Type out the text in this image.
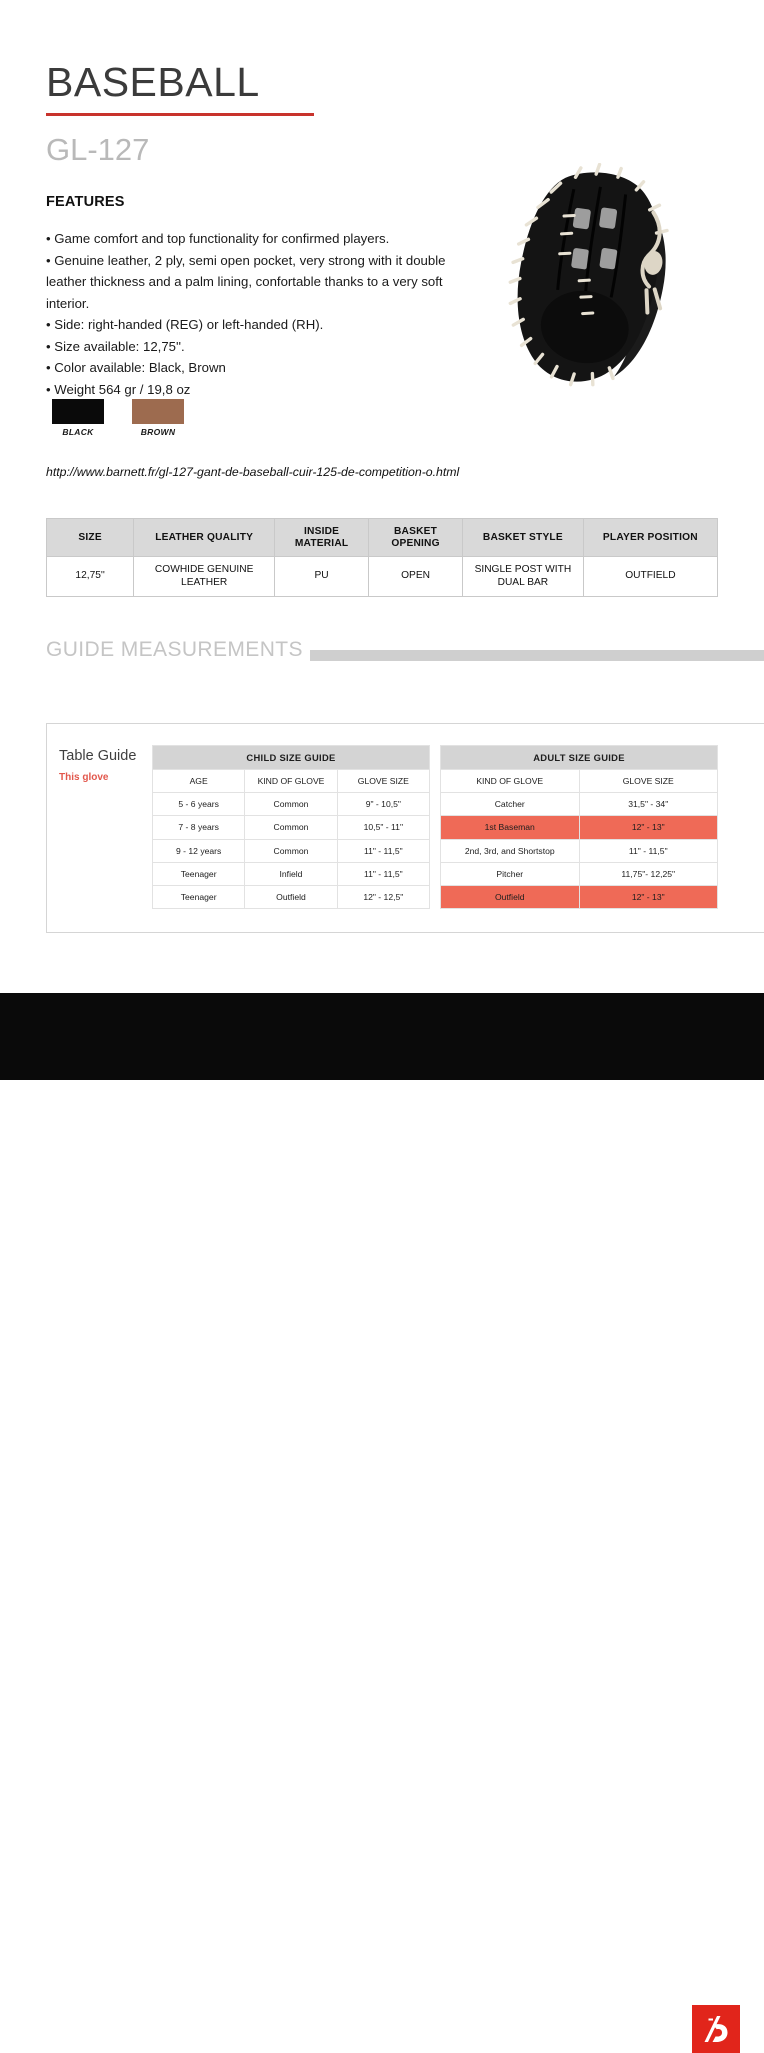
BASEBALL
GL-127
FEATURES

• Game comfort and top functionality for confirmed players.

• Genuine leather, 2 ply, semi open pocket, very strong with it double leather thickness and a palm lining, confortable thanks to a very soft interior.

• Side: right-handed (REG) or left-handed (RH).

• Size available: 12,75''.

• Color available: Black, Brown

• Weight 564 gr / 19,8 oz

BLACK	BROWN
http://www.barnett.fr/gl-127-gant-de-baseball-cuir-125-de-competition-o.html
SIZE	LEATHER QUALITY	INSIDE MATERIAL	BASKET OPENING	BASKET STYLE	PLAYER POSITION
12,75''	COWHIDE GENUINE LEATHER	PU	OPEN	SINGLE POST WITH DUAL BAR	OUTFIELD
GUIDE MEASUREMENTS
Table Guide
This glove
CHILD SIZE GUIDE		
AGE	KIND OF GLOVE	GLOVE SIZE
5 - 6 years	Common	9" - 10,5"
7 - 8 years	Common	10,5" - 11"
9 - 12 years	Common	11" - 11,5"
Teenager	Infield	11" - 11,5"
Teenager	Outfield	12" - 12,5"
ADULT SIZE GUIDE	
KIND OF GLOVE	GLOVE SIZE
Catcher	31,5" - 34"
1st Baseman	12" - 13"
2nd, 3rd, and Shortstop	11" - 11,5"
Pitcher	11,75"- 12,25"
Outfield	12" - 13"
